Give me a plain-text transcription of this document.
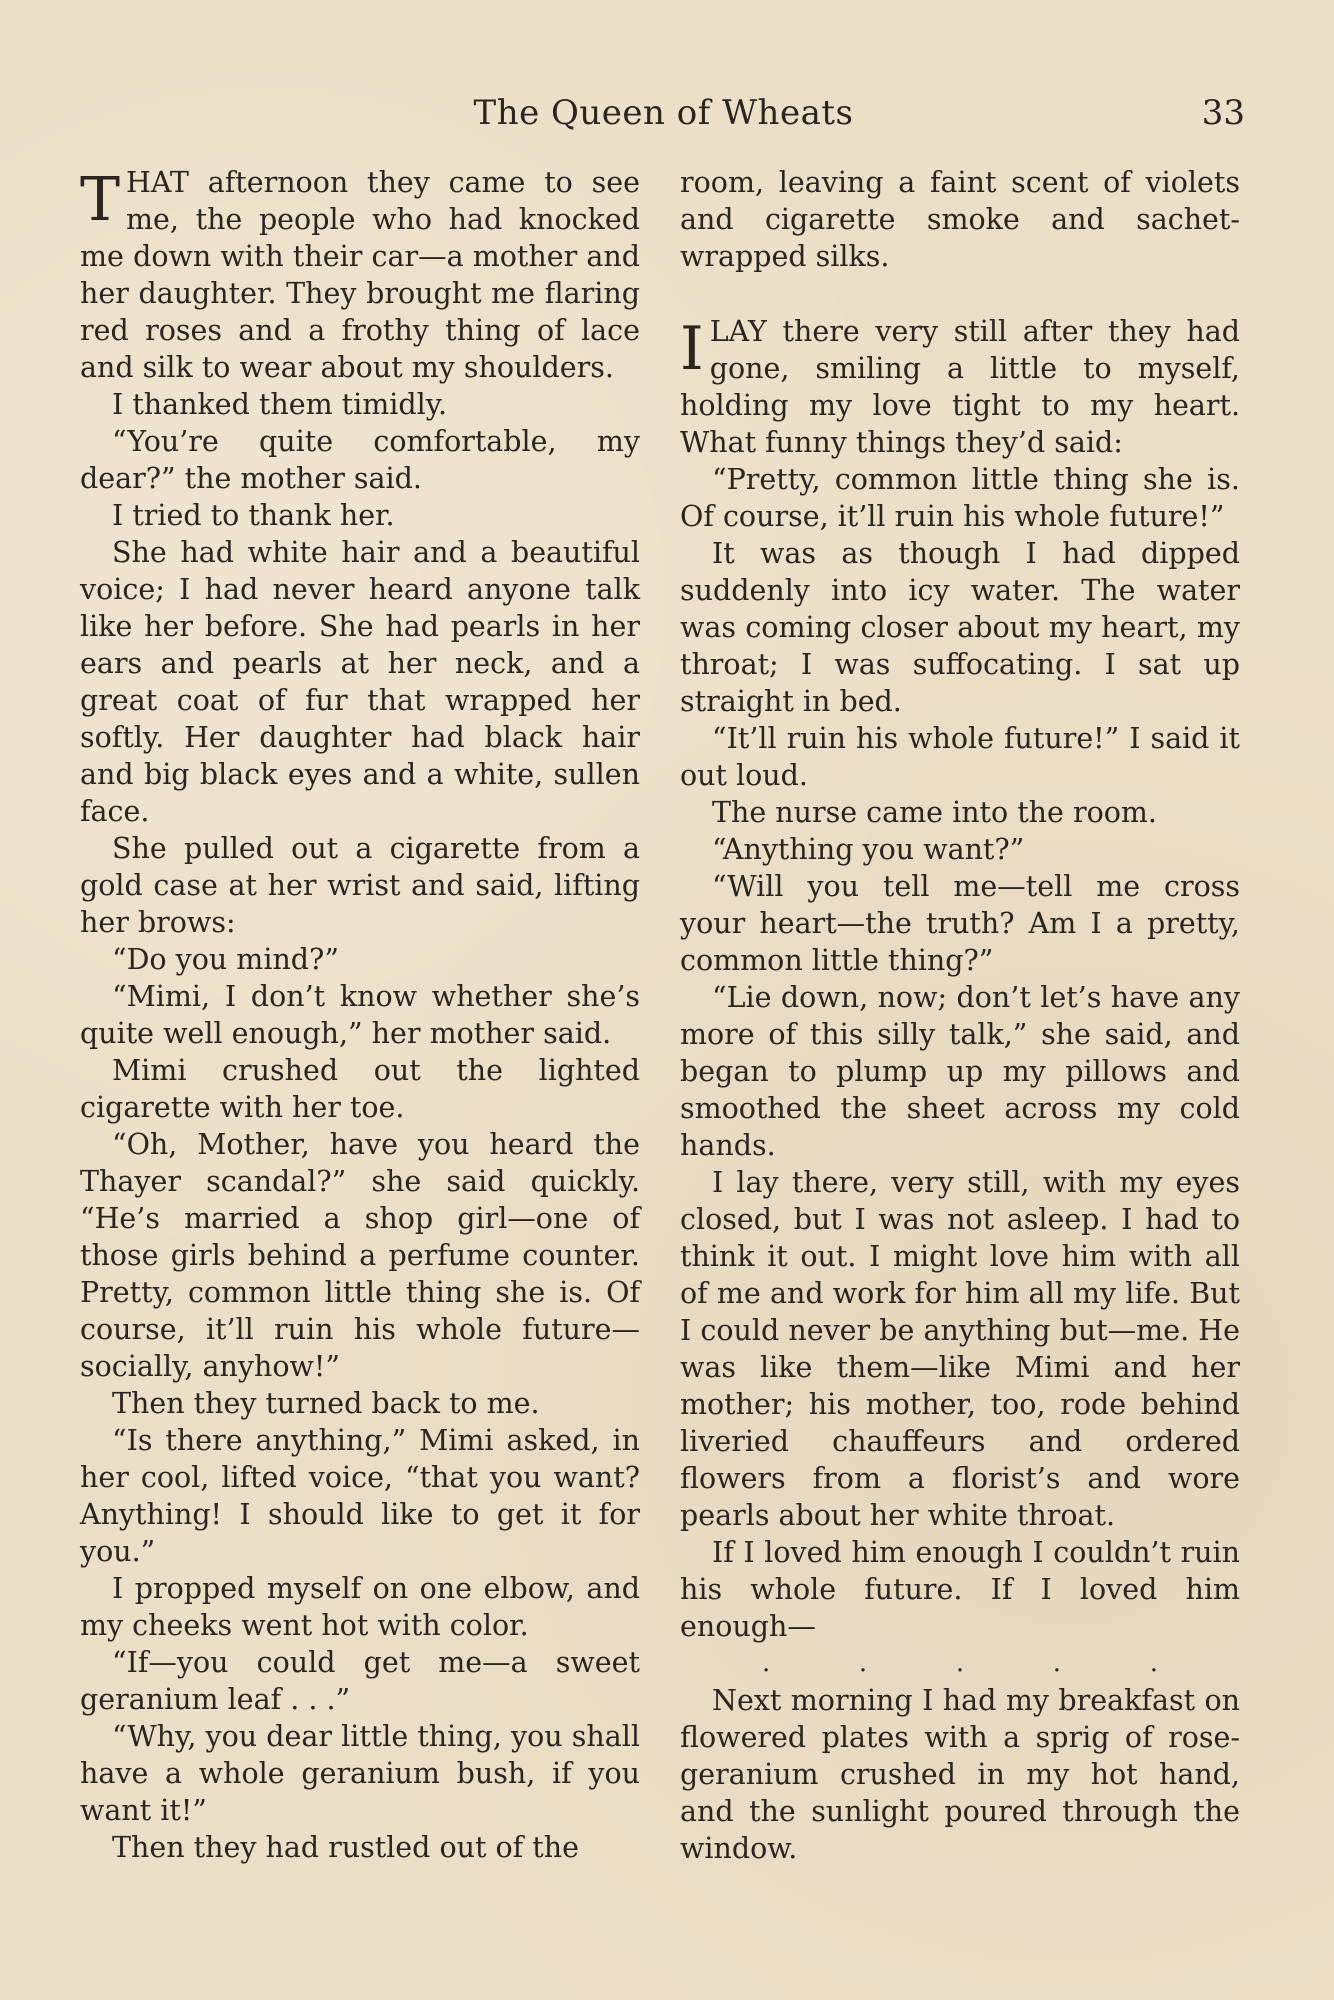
The Queen of Wheats	33

THAT afternoon they came to see me, the people who had knocked me down with their car—a mother and her daughter. They brought me flaring red roses and a frothy thing of lace and silk to wear about my shoulders.

I thanked them timidly.

“You’re quite comfortable, my dear?” the mother said.

I tried to thank her.

She had white hair and a beautiful voice; I had never heard anyone talk like her before. She had pearls in her ears and pearls at her neck, and a great coat of fur that wrapped her softly. Her daughter had black hair and big black eyes and a white, sullen face.

She pulled out a cigarette from a gold case at her wrist and said, lifting her brows:

“Do you mind?”

“Mimi, I don’t know whether she’s quite well enough,” her mother said.

Mimi crushed out the lighted cigarette with her toe.

“Oh, Mother, have you heard the Thayer scandal?” she said quickly. “He’s married a shop girl—one of those girls behind a perfume counter. Pretty, common little thing she is. Of course, it’ll ruin his whole future—socially, anyhow!”

Then they turned back to me.

“Is there anything,” Mimi asked, in her cool, lifted voice, “that you want? Anything! I should like to get it for you.”

I propped myself on one elbow, and my cheeks went hot with color.

“If—you could get me—a sweet geranium leaf . . .”

“Why, you dear little thing, you shall have a whole geranium bush, if you want it!”

Then they had rustled out of the

room, leaving a faint scent of violets and cigarette smoke and sachet-wrapped silks.

ILAY there very still after they had gone, smiling a little to myself, holding my love tight to my heart. What funny things they’d said:

“Pretty, common little thing she is. Of course, it’ll ruin his whole future!”

It was as though I had dipped suddenly into icy water. The water was coming closer about my heart, my throat; I was suffocating. I sat up straight in bed.

“It’ll ruin his whole future!” I said it out loud.

The nurse came into the room.

“Anything you want?”

“Will you tell me—tell me cross your heart—the truth? Am I a pretty, common little thing?”

“Lie down, now; don’t let’s have any more of this silly talk,” she said, and began to plump up my pillows and smoothed the sheet across my cold hands.

I lay there, very still, with my eyes closed, but I was not asleep. I had to think it out. I might love him with all of me and work for him all my life. But I could never be anything but—me. He was like them—like Mimi and her mother; his mother, too, rode behind liveried chauffeurs and ordered flowers from a florist’s and wore pearls about her white throat.

If I loved him enough I couldn’t ruin his whole future. If I loved him enough—

.	.	.	.	.

Next morning I had my breakfast on flowered plates with a sprig of rose-geranium crushed in my hot hand, and the sunlight poured through the window.
